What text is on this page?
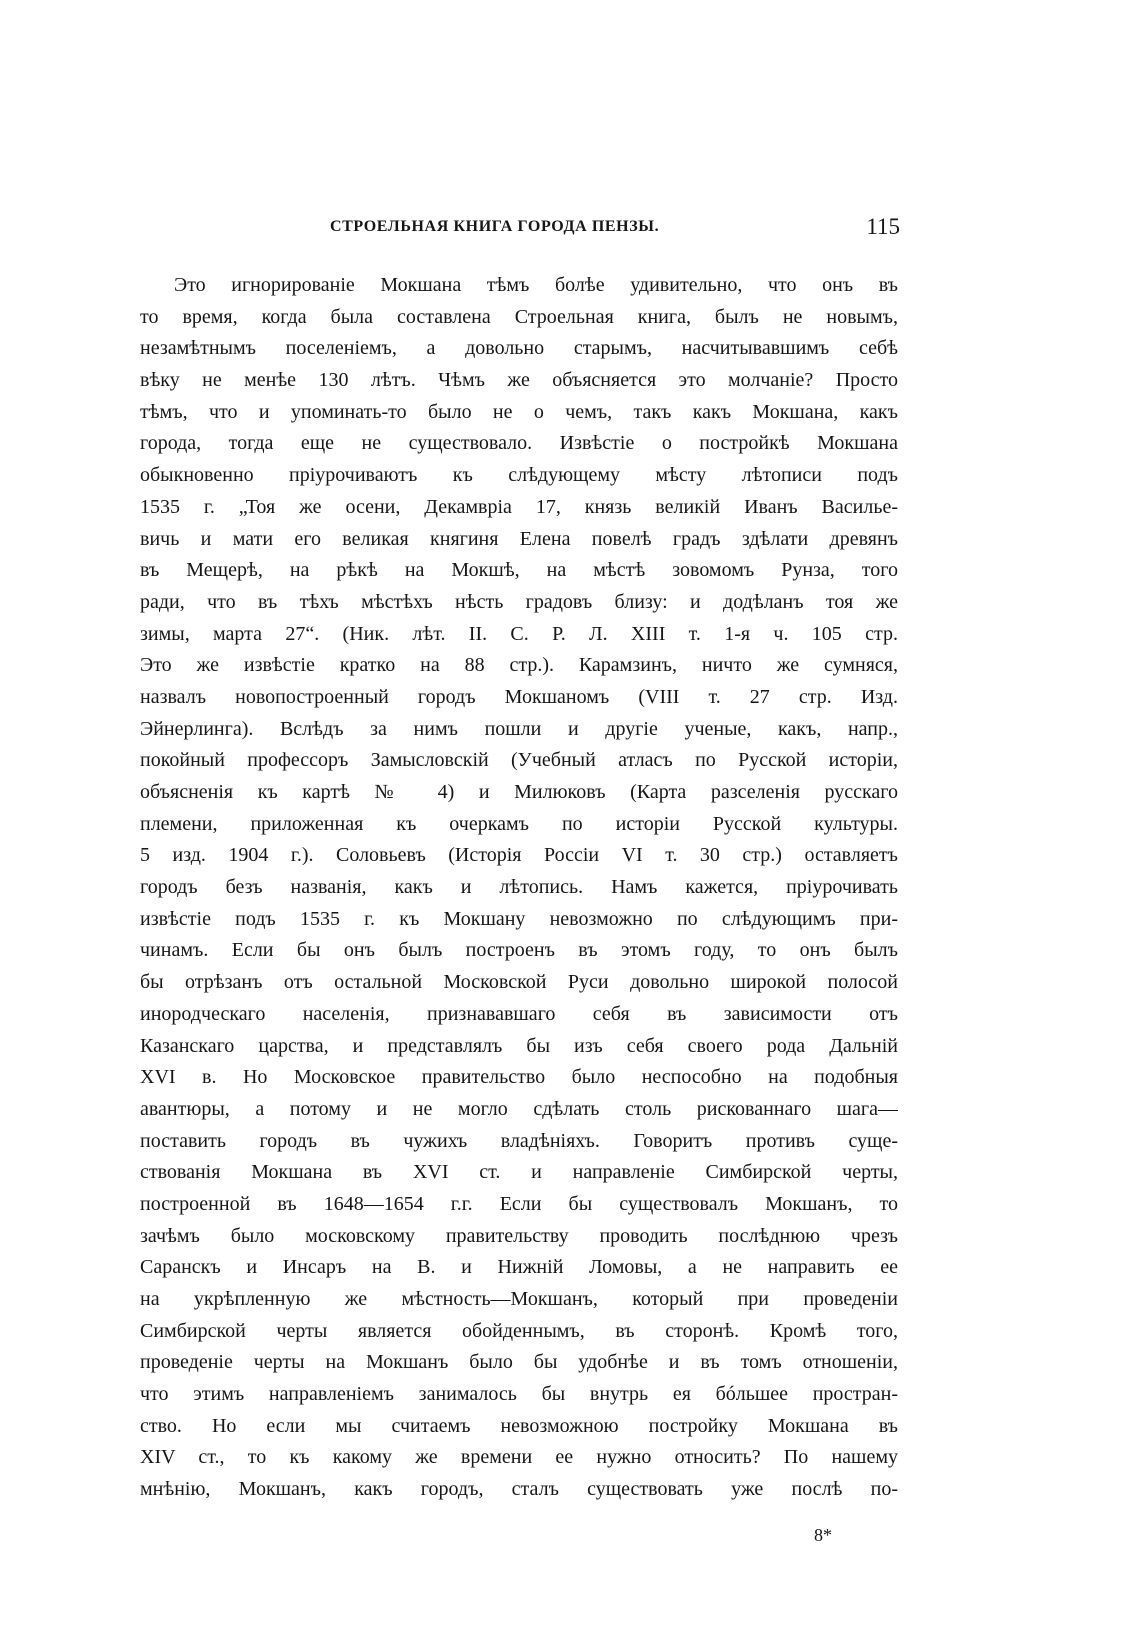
СТРОЕЛЬНАЯ КНИГА ГОРОДА ПЕНЗЫ.	115
Это игнорированіе Мокшана тѣмъ болѣе удивительно, что онъ въ
то время, когда была составлена Строельная книга, былъ не новымъ,
незамѣтнымъ поселеніемъ, а довольно старымъ, насчитывавшимъ себѣ
вѣку не менѣе 130 лѣтъ. Чѣмъ же объясняется это молчаніе? Просто
тѣмъ, что и упоминать-то было не о чемъ, такъ какъ Мокшана, какъ
города, тогда еще не существовало. Извѣстіе о постройкѣ Мокшана
обыкновенно пріурочиваютъ къ слѣдующему мѣсту лѣтописи подъ
1535 г. „Тоя же осени, Декамвріа 17, князь великій Иванъ Василье-
вичь и мати его великая княгиня Елена повелѣ градъ здѣлати древянъ
въ Мещерѣ, на рѣкѣ на Мокшѣ, на мѣстѣ зовомомъ Рунза, того
ради, что въ тѣхъ мѣстѣхъ нѣсть градовъ близу: и додѣланъ тоя же
зимы, марта 27“. (Ник. лѣт. II. С. Р. Л. XIII т. 1-я ч. 105 стр.
Это же извѣстіе кратко на 88 стр.). Карамзинъ, ничто же сумняся,
назвалъ новопостроенный городъ Мокшаномъ (VIII т. 27 стр. Изд.
Эйнерлинга). Вслѣдъ за нимъ пошли и другіе ученые, какъ, напр.,
покойный профессоръ Замысловскій (Учебный атласъ по Русской исторіи,
объясненія къ картѣ № 4) и Милюковъ (Карта разселенія русскаго
племени, приложенная къ очеркамъ по исторіи Русской культуры.
5 изд. 1904 г.). Соловьевъ (Исторія Россіи VI т. 30 стр.) оставляетъ
городъ безъ названія, какъ и лѣтопись. Намъ кажется, пріурочивать
извѣстіе подъ 1535 г. къ Мокшану невозможно по слѣдующимъ при-
чинамъ. Если бы онъ былъ построенъ въ этомъ году, то онъ былъ
бы отрѣзанъ отъ остальной Московской Руси довольно широкой полосой
инородческаго населенія, признававшаго себя въ зависимости отъ
Казанскаго царства, и представлялъ бы изъ себя своего рода Дальній
XVI в. Но Московское правительство было неспособно на подобныя
авантюры, а потому и не могло сдѣлать столь рискованнаго шага—
поставить городъ въ чужихъ владѣніяхъ. Говоритъ противъ суще-
ствованія Мокшана въ XVI ст. и направленіе Симбирской черты,
построенной въ 1648—1654 г.г. Если бы существовалъ Мокшанъ, то
зачѣмъ было московскому правительству проводить послѣднюю чрезъ
Саранскъ и Инсаръ на В. и Нижній Ломовы, а не направить ее
на укрѣпленную же мѣстность—Мокшанъ, который при проведеніи
Симбирской черты является обойденнымъ, въ сторонѣ. Кромѣ того,
проведеніе черты на Мокшанъ было бы удобнѣе и въ томъ отношеніи,
что этимъ направленіемъ занималось бы внутрь ея бóльшее простран-
ство. Но если мы считаемъ невозможною постройку Мокшана въ
XIV ст., то къ какому же времени ее нужно относить? По нашему
мнѣнію, Мокшанъ, какъ городъ, сталъ существовать уже послѣ по-
8*
